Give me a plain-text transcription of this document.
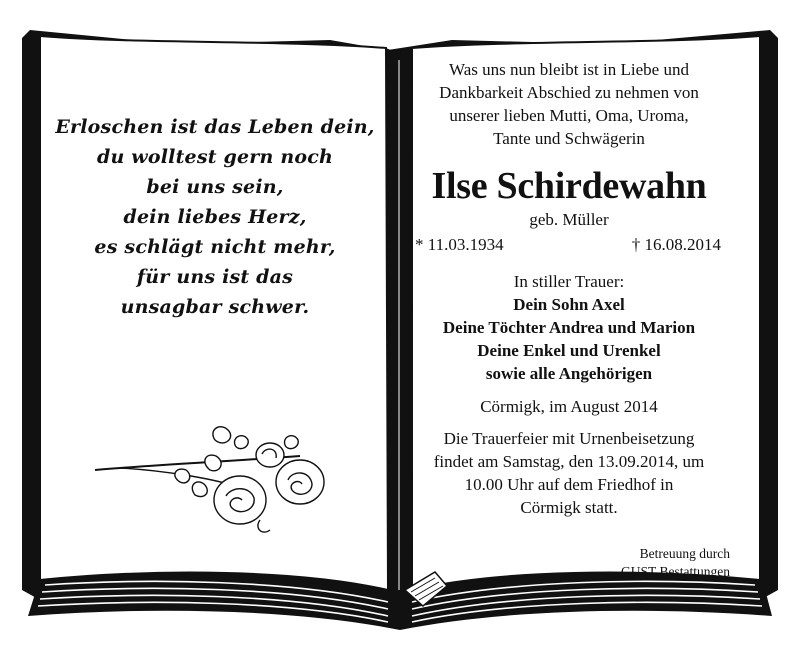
Erloschen ist das Leben dein,
du wolltest gern noch
bei uns sein,
dein liebes Herz,
es schlägt nicht mehr,
für uns ist das
unsagbar schwer.
Was uns nun bleibt ist in Liebe und
Dankbarkeit Abschied zu nehmen von
unserer lieben Mutti, Oma, Uroma,
Tante und Schwägerin
Ilse Schirdewahn
geb. Müller
* 11.03.1934	† 16.08.2014
In stiller Trauer:
Dein Sohn Axel
Deine Töchter Andrea und Marion
Deine Enkel und Urenkel
sowie alle Angehörigen
Cörmigk, im August 2014
Die Trauerfeier mit Urnenbeisetzung
findet am Samstag, den 13.09.2014, um
10.00 Uhr auf dem Friedhof in
Cörmigk statt.
Betreuung durch
GUST-Bestattungen
